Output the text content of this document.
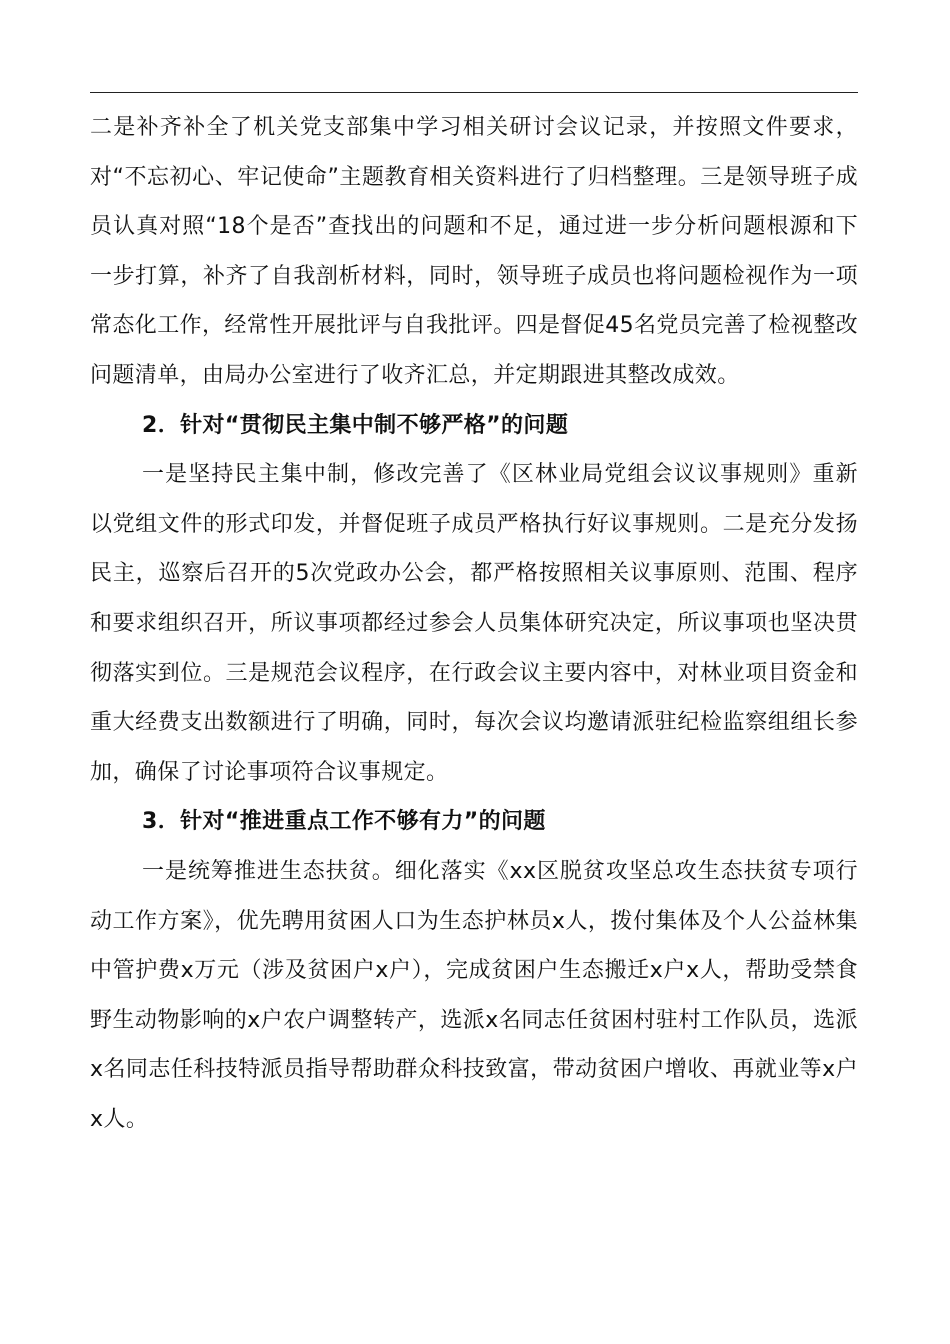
二是补齐补全了机关党支部集中学习相关研讨会议记录，并按照文件要求，对“不忘初心、牢记使命”主题教育相关资料进行了归档整理。三是领导班子成员认真对照“18个是否”查找出的问题和不足，通过进一步分析问题根源和下一步打算，补齐了自我剖析材料，同时，领导班子成员也将问题检视作为一项常态化工作，经常性开展批评与自我批评。四是督促45名党员完善了检视整改问题清单，由局办公室进行了收齐汇总，并定期跟进其整改成效。

2．针对“贯彻民主集中制不够严格”的问题

一是坚持民主集中制，修改完善了《区林业局党组会议议事规则》重新以党组文件的形式印发，并督促班子成员严格执行好议事规则。二是充分发扬民主，巡察后召开的5次党政办公会，都严格按照相关议事原则、范围、程序和要求组织召开，所议事项都经过参会人员集体研究决定，所议事项也坚决贯彻落实到位。三是规范会议程序，在行政会议主要内容中，对林业项目资金和重大经费支出数额进行了明确，同时，每次会议均邀请派驻纪检监察组组长参加，确保了讨论事项符合议事规定。

3．针对“推进重点工作不够有力”的问题

一是统筹推进生态扶贫。细化落实《xx区脱贫攻坚总攻生态扶贫专项行动工作方案》，优先聘用贫困人口为生态护林员x人，拨付集体及个人公益林集中管护费x万元（涉及贫困户x户），完成贫困户生态搬迁x户x人，帮助受禁食野生动物影响的x户农户调整转产，选派x名同志任贫困村驻村工作队员，选派x名同志任科技特派员指导帮助群众科技致富，带动贫困户增收、再就业等x户x人。
